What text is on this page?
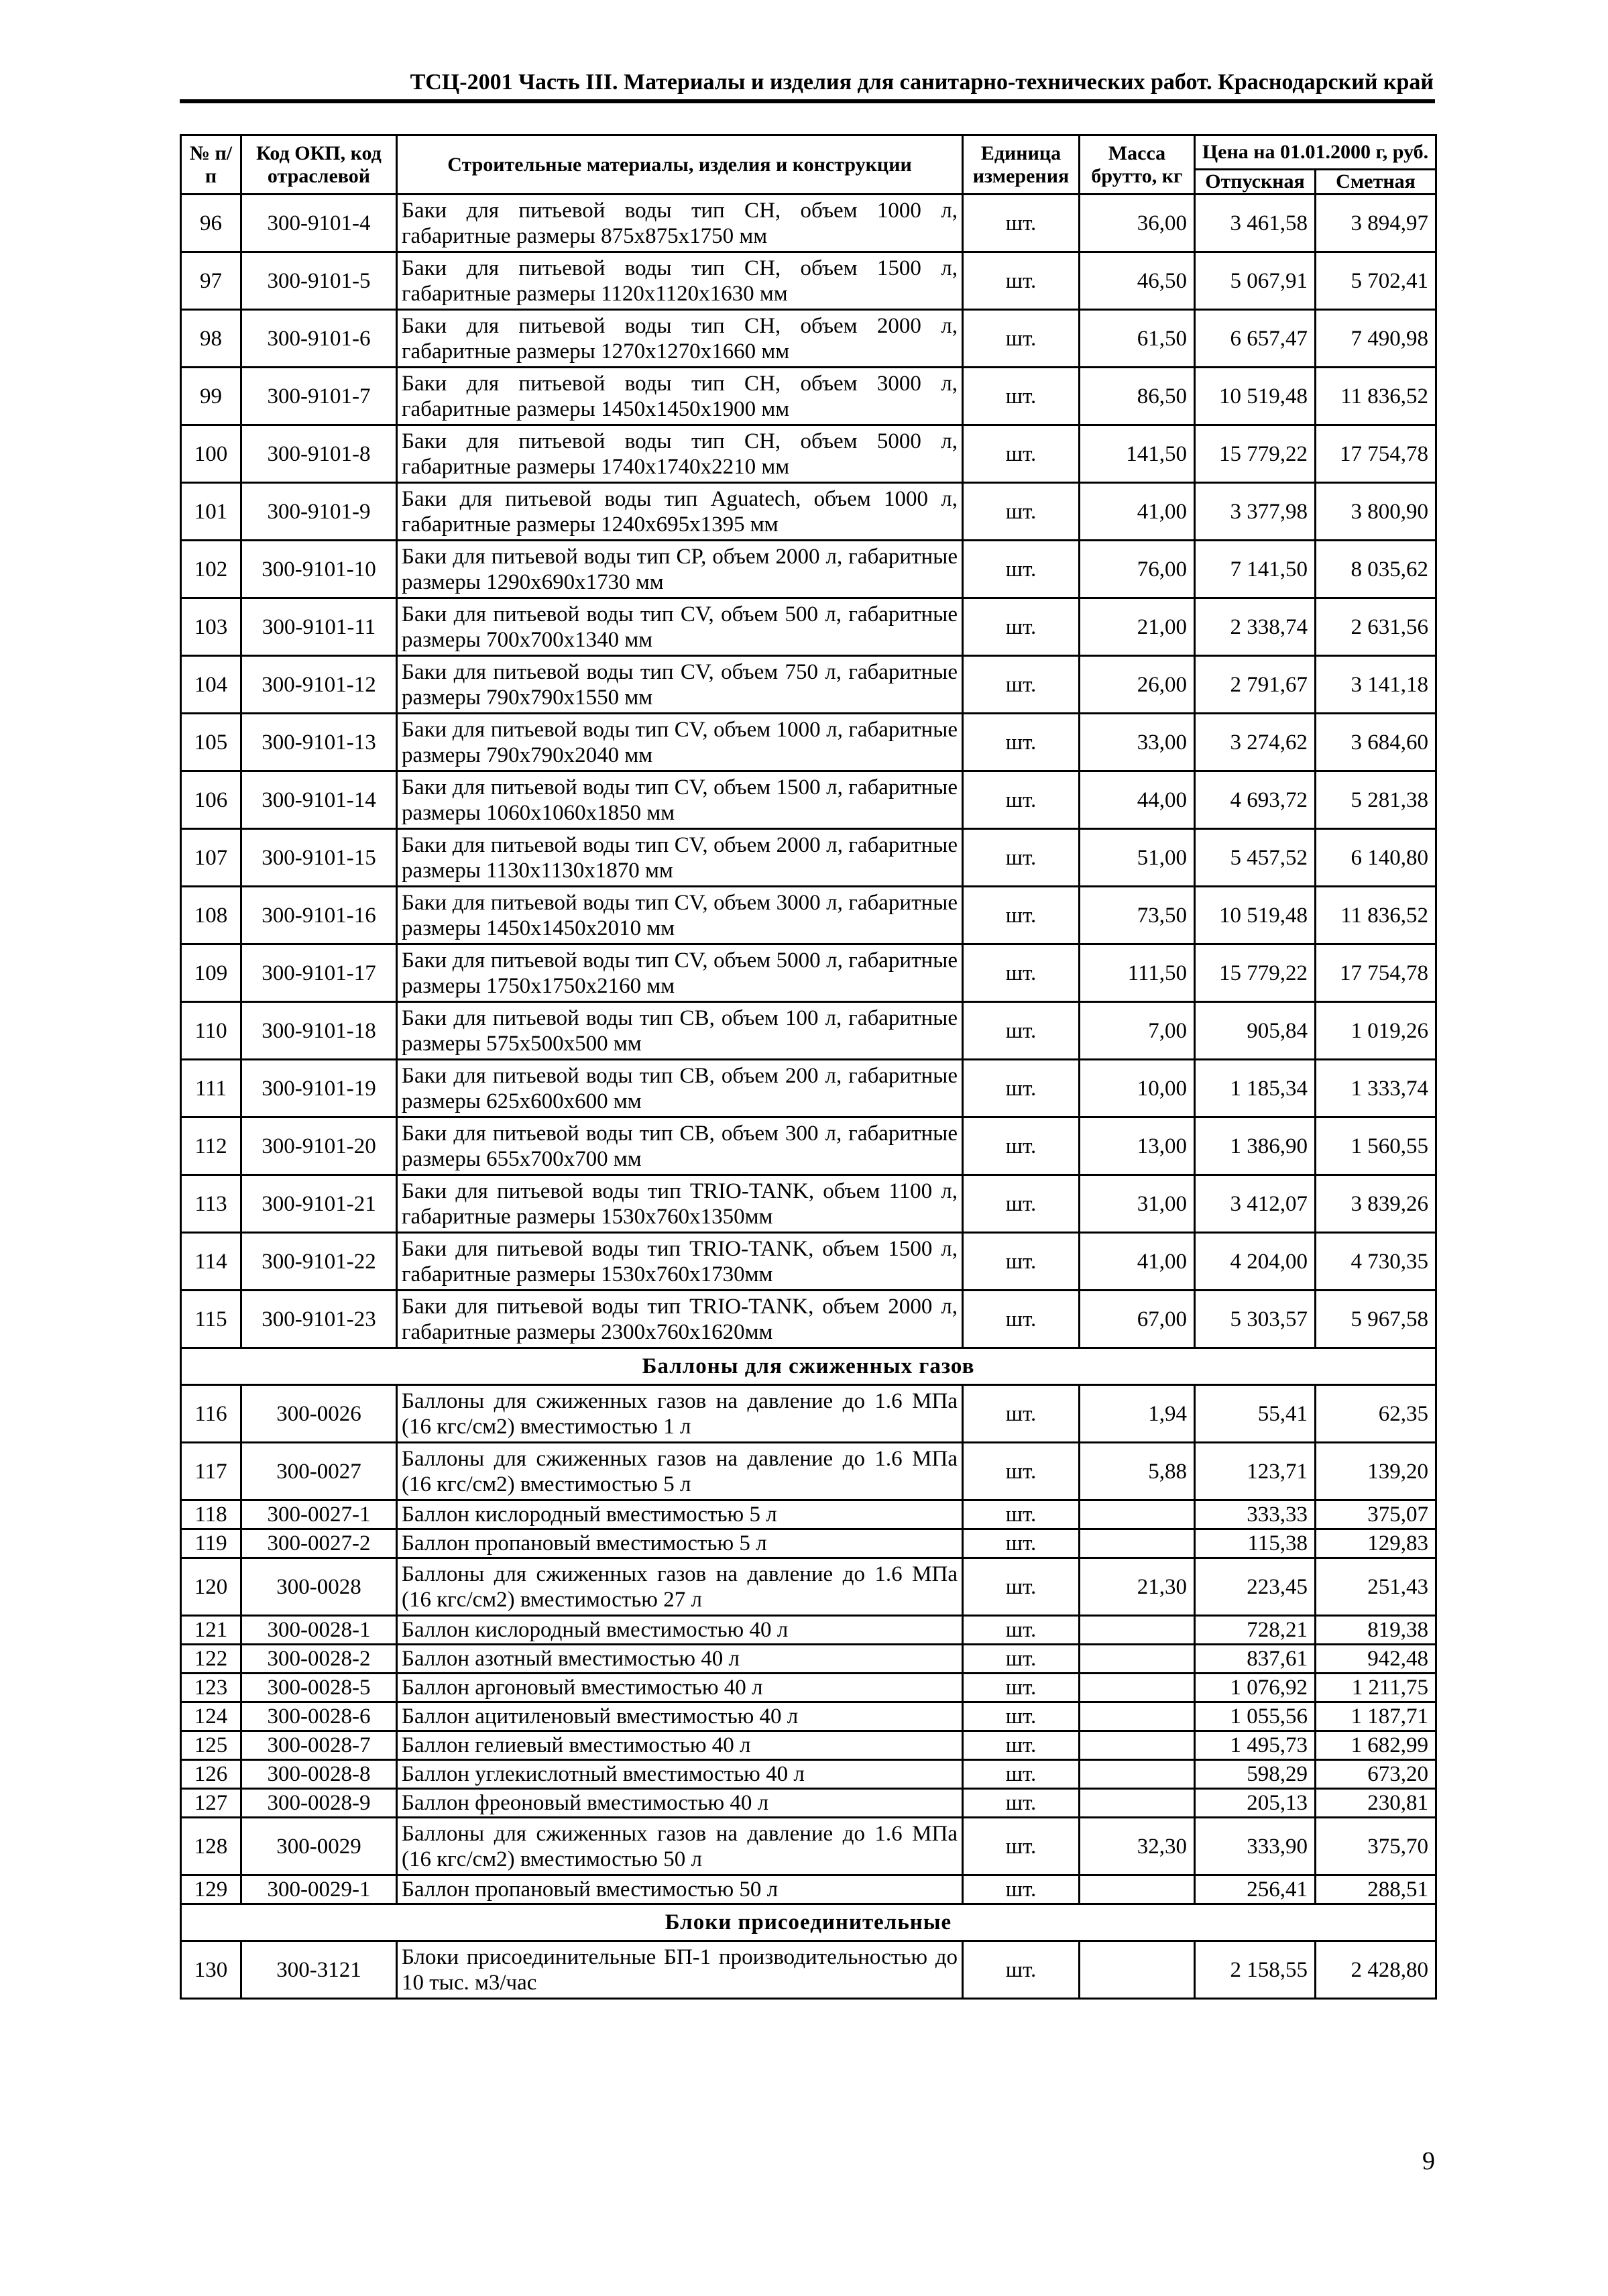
ТСЦ-2001 Часть III. Материалы и изделия для санитарно-технических работ. Краснодарский край
№ п/п	Код ОКП, код отраслевой	Строительные материалы, изделия и конструкции	Единица измерения	Масса брутто, кг	Цена на 01.01.2000 г, руб.	
					Отпускная	Сметная
96	300-9101-4	Баки для питьевой воды тип CH, объем 1000 л, габаритные размеры 875х875х1750 мм	шт.	36,00	3 461,58	3 894,97
97	300-9101-5	Баки для питьевой воды тип CH, объем 1500 л, габаритные размеры 1120х1120х1630 мм	шт.	46,50	5 067,91	5 702,41
98	300-9101-6	Баки для питьевой воды тип CH, объем 2000 л, габаритные размеры 1270х1270х1660 мм	шт.	61,50	6 657,47	7 490,98
99	300-9101-7	Баки для питьевой воды тип CH, объем 3000 л, габаритные размеры 1450х1450х1900 мм	шт.	86,50	10 519,48	11 836,52
100	300-9101-8	Баки для питьевой воды тип CH, объем 5000 л, габаритные размеры 1740х1740х2210 мм	шт.	141,50	15 779,22	17 754,78
101	300-9101-9	Баки для питьевой воды тип Aguatech, объем 1000 л, габаритные размеры 1240х695х1395 мм	шт.	41,00	3 377,98	3 800,90
102	300-9101-10	Баки для питьевой воды тип CP, объем 2000 л, габаритные размеры 1290х690х1730 мм	шт.	76,00	7 141,50	8 035,62
103	300-9101-11	Баки для питьевой воды тип CV, объем 500 л, габаритные размеры 700х700х1340 мм	шт.	21,00	2 338,74	2 631,56
104	300-9101-12	Баки для питьевой воды тип CV, объем 750 л, габаритные размеры 790х790х1550 мм	шт.	26,00	2 791,67	3 141,18
105	300-9101-13	Баки для питьевой воды тип CV, объем 1000 л, габаритные размеры 790х790х2040 мм	шт.	33,00	3 274,62	3 684,60
106	300-9101-14	Баки для питьевой воды тип CV, объем 1500 л, габаритные размеры 1060х1060х1850 мм	шт.	44,00	4 693,72	5 281,38
107	300-9101-15	Баки для питьевой воды тип CV, объем 2000 л, габаритные размеры 1130х1130х1870 мм	шт.	51,00	5 457,52	6 140,80
108	300-9101-16	Баки для питьевой воды тип CV, объем 3000 л, габаритные размеры 1450х1450х2010 мм	шт.	73,50	10 519,48	11 836,52
109	300-9101-17	Баки для питьевой воды тип CV, объем 5000 л, габаритные размеры 1750х1750х2160 мм	шт.	111,50	15 779,22	17 754,78
110	300-9101-18	Баки для питьевой воды тип CB, объем 100 л, габаритные размеры 575х500х500 мм	шт.	7,00	905,84	1 019,26
111	300-9101-19	Баки для питьевой воды тип CB, объем 200 л, габаритные размеры 625х600х600 мм	шт.	10,00	1 185,34	1 333,74
112	300-9101-20	Баки для питьевой воды тип CB, объем 300 л, габаритные размеры 655х700х700 мм	шт.	13,00	1 386,90	1 560,55
113	300-9101-21	Баки для питьевой воды тип TRIO-TANK, объем 1100 л, габаритные размеры 1530х760х1350мм	шт.	31,00	3 412,07	3 839,26
114	300-9101-22	Баки для питьевой воды тип TRIO-TANK, объем 1500 л, габаритные размеры 1530х760х1730мм	шт.	41,00	4 204,00	4 730,35
115	300-9101-23	Баки для питьевой воды тип TRIO-TANK, объем 2000 л, габаритные размеры 2300х760х1620мм	шт.	67,00	5 303,57	5 967,58
Баллоны для сжиженных газов						
116	300-0026	Баллоны для сжиженных газов на давление до 1.6 МПа (16 кгс/см2) вместимостью 1 л	шт.	1,94	55,41	62,35
117	300-0027	Баллоны для сжиженных газов на давление до 1.6 МПа (16 кгс/см2) вместимостью 5 л	шт.	5,88	123,71	139,20
118	300-0027-1	Баллон кислородный вместимостью 5 л	шт.		333,33	375,07
119	300-0027-2	Баллон пропановый вместимостью 5 л	шт.		115,38	129,83
120	300-0028	Баллоны для сжиженных газов на давление до 1.6 МПа (16 кгс/см2) вместимостью 27 л	шт.	21,30	223,45	251,43
121	300-0028-1	Баллон кислородный вместимостью 40 л	шт.		728,21	819,38
122	300-0028-2	Баллон азотный вместимостью 40 л	шт.		837,61	942,48
123	300-0028-5	Баллон аргоновый вместимостью 40 л	шт.		1 076,92	1 211,75
124	300-0028-6	Баллон ацитиленовый вместимостью 40 л	шт.		1 055,56	1 187,71
125	300-0028-7	Баллон гелиевый вместимостью 40 л	шт.		1 495,73	1 682,99
126	300-0028-8	Баллон углекислотный вместимостью 40 л	шт.		598,29	673,20
127	300-0028-9	Баллон фреоновый вместимостью 40 л	шт.		205,13	230,81
128	300-0029	Баллоны для сжиженных газов на давление до 1.6 МПа (16 кгс/см2) вместимостью 50 л	шт.	32,30	333,90	375,70
129	300-0029-1	Баллон пропановый вместимостью 50 л	шт.		256,41	288,51
Блоки присоединительные						
130	300-3121	Блоки присоединительные БП-1 производительностью до 10 тыс. м3/час	шт.		2 158,55	2 428,80
9
